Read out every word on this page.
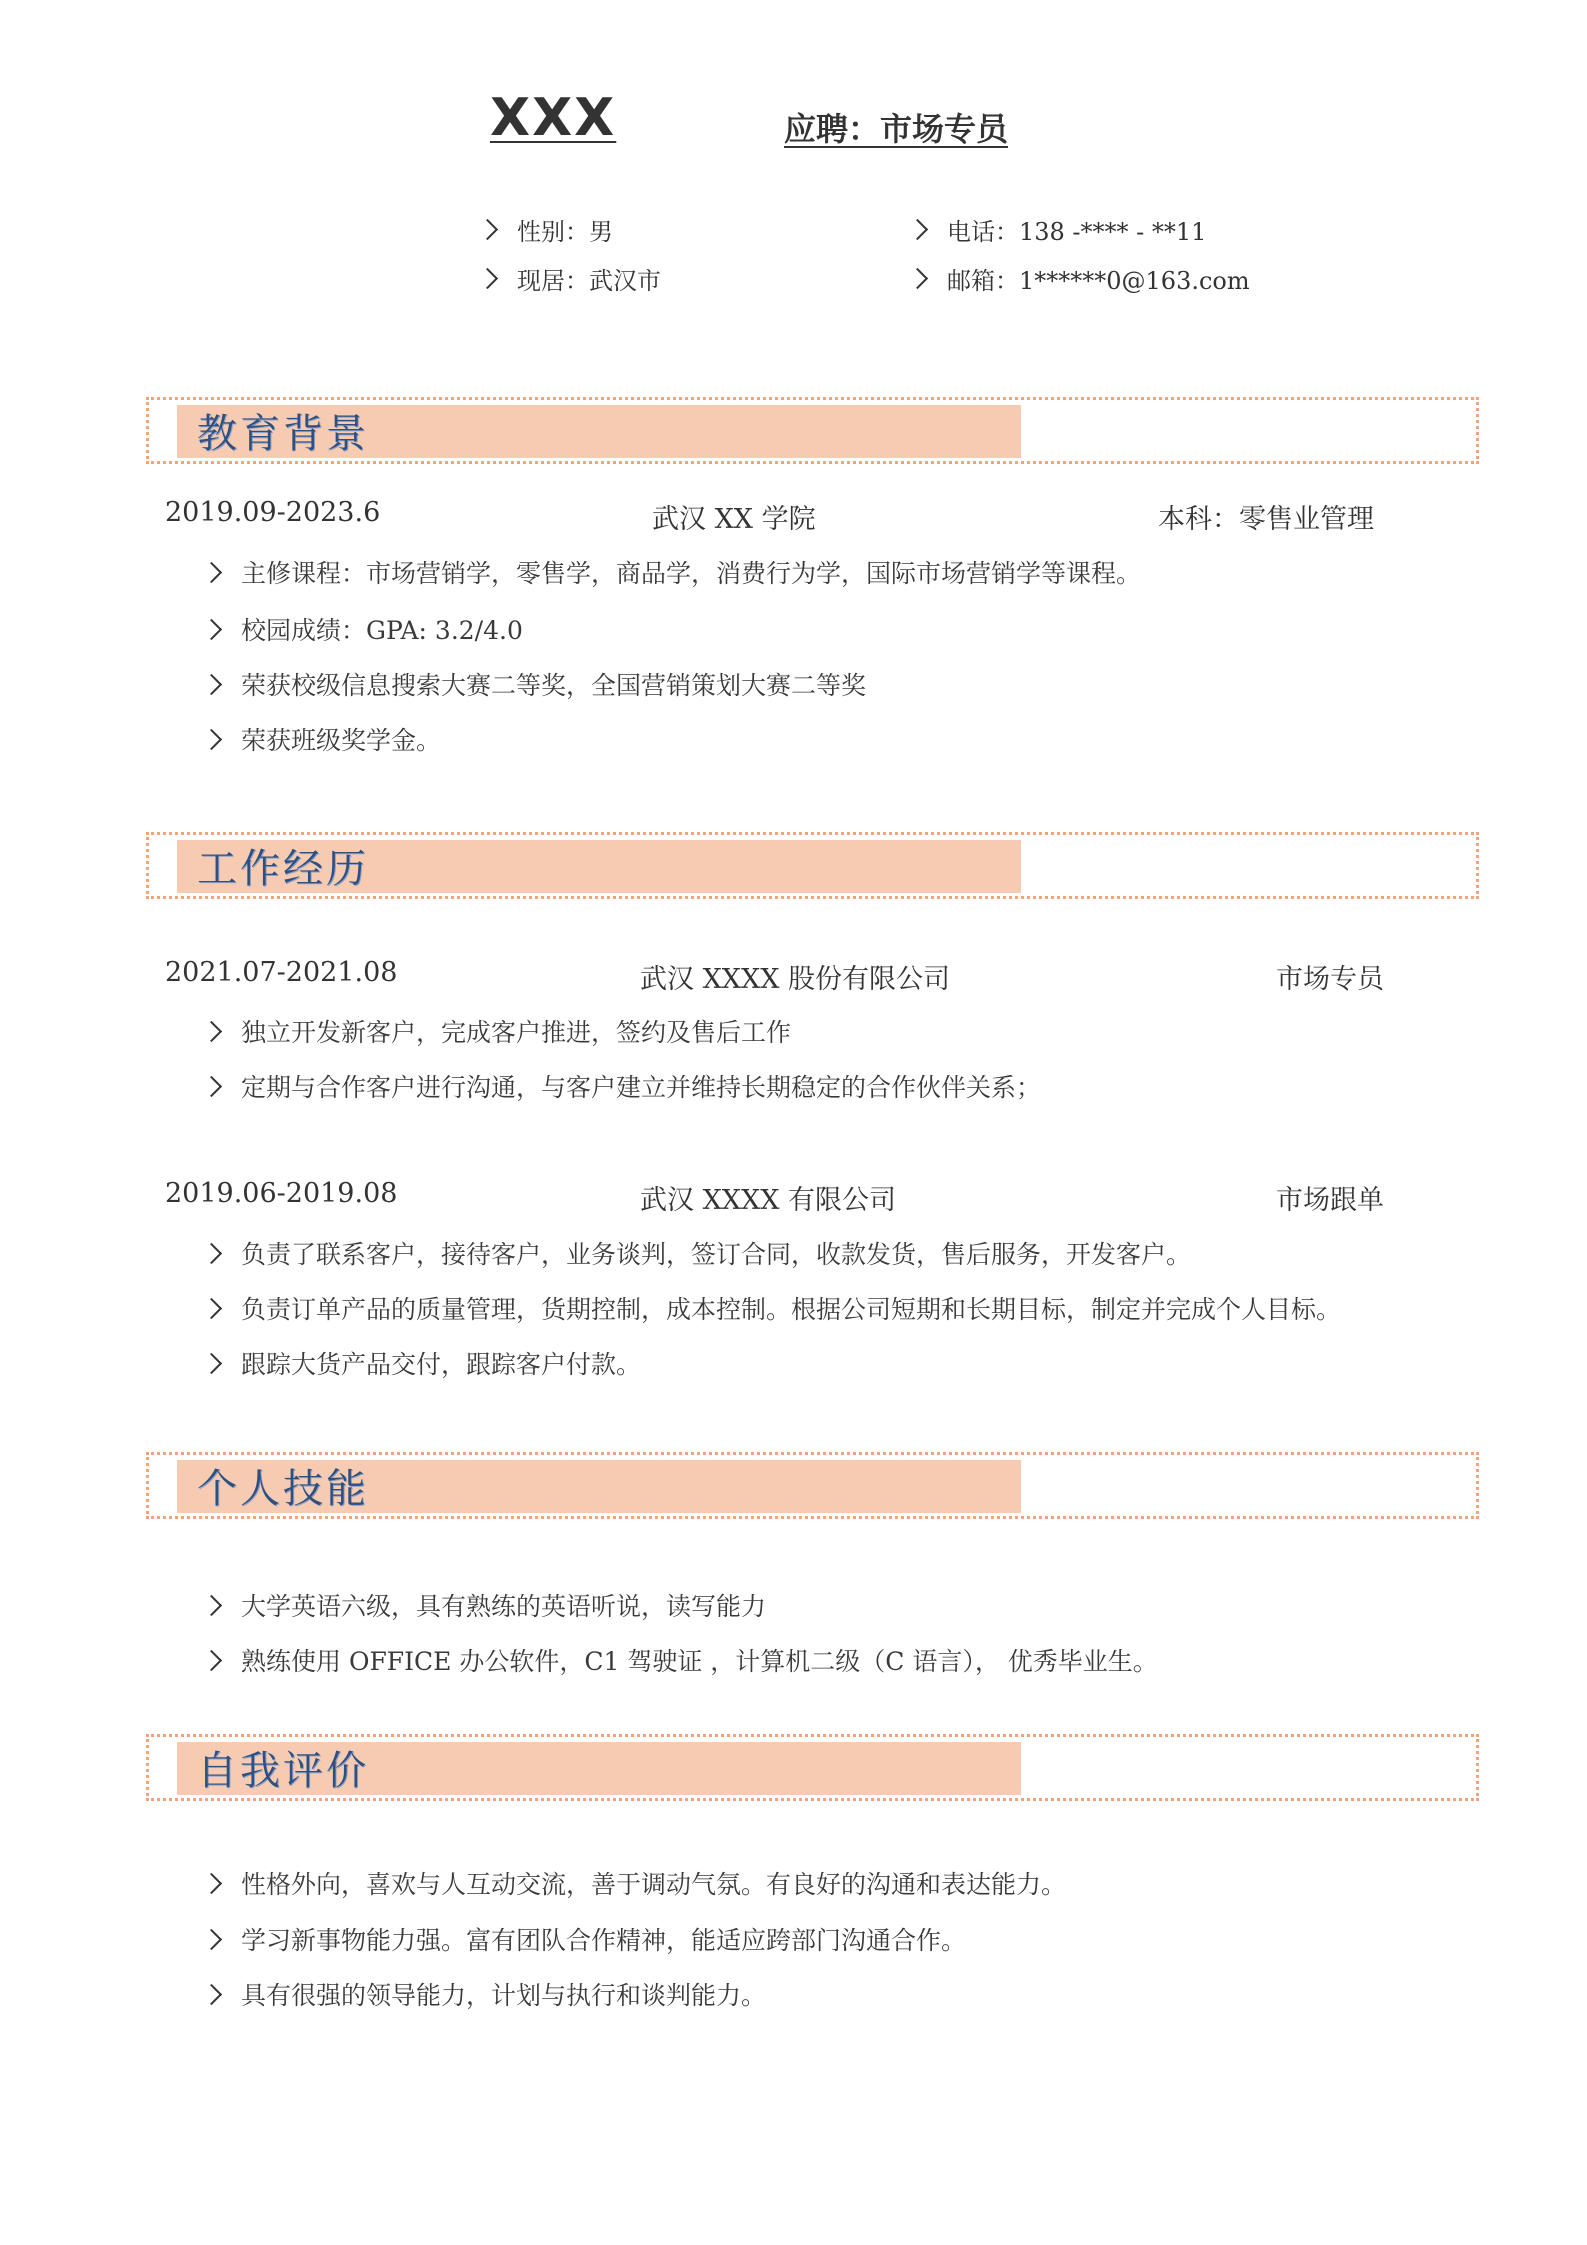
XXX	应聘：市场专员
性别：男	电话：138 -**** - **11
现居：武汉市	邮箱：1******0@163.com
教育背景
2019.09-2023.6	武汉 XX 学院	本科：零售业管理
主修课程：市场营销学，零售学，商品学，消费行为学，国际市场营销学等课程。
校园成绩：GPA: 3.2/4.0
荣获校级信息搜索大赛二等奖，全国营销策划大赛二等奖
荣获班级奖学金。
工作经历
2021.07-2021.08	武汉 XXXX 股份有限公司	市场专员
独立开发新客户，完成客户推进，签约及售后工作
定期与合作客户进行沟通，与客户建立并维持长期稳定的合作伙伴关系；
2019.06-2019.08	武汉 XXXX 有限公司	市场跟单
负责了联系客户，接待客户，业务谈判，签订合同，收款发货，售后服务，开发客户。
负责订单产品的质量管理，货期控制，成本控制。根据公司短期和长期目标，制定并完成个人目标。
跟踪大货产品交付，跟踪客户付款。
个人技能
大学英语六级，具有熟练的英语听说，读写能力
熟练使用 OFFICE 办公软件，C1 驾驶证 ，计算机二级（C 语言）， 优秀毕业生。
自我评价
性格外向，喜欢与人互动交流，善于调动气氛。有良好的沟通和表达能力。
学习新事物能力强。富有团队合作精神，能适应跨部门沟通合作。
具有很强的领导能力，计划与执行和谈判能力。
